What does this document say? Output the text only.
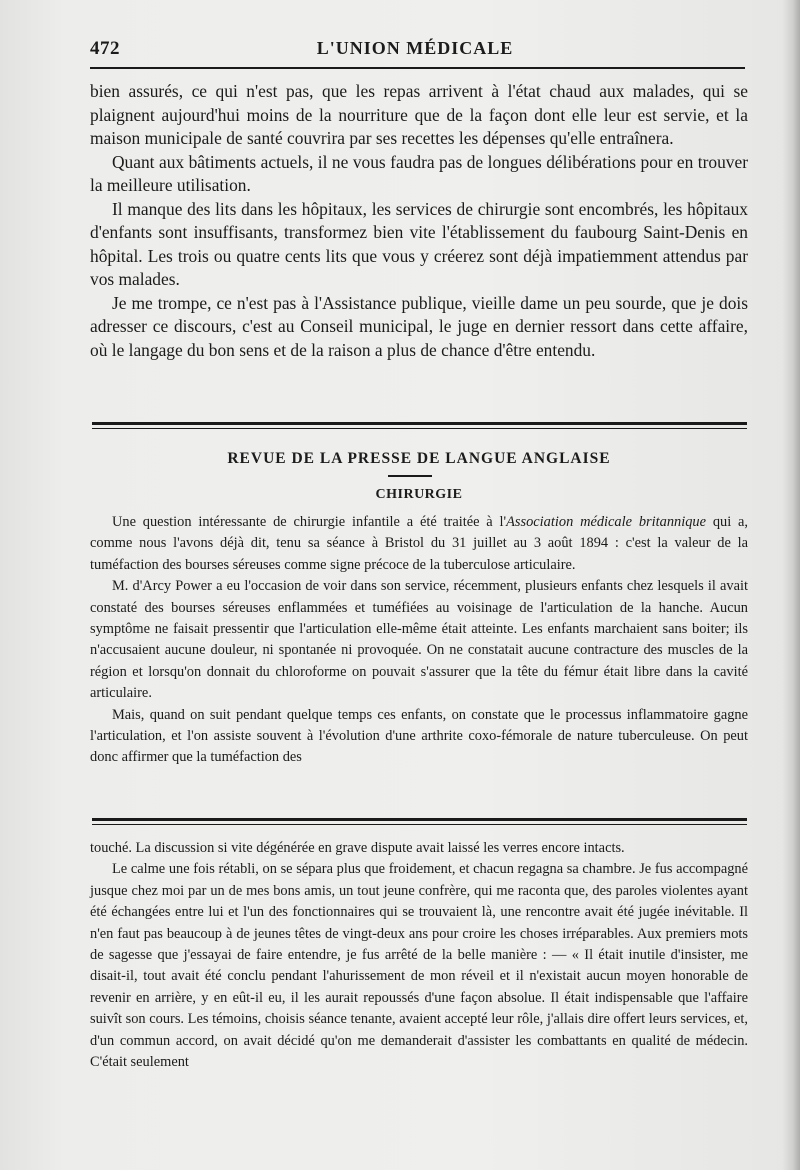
472	L'UNION MÉDICALE

bien assurés, ce qui n'est pas, que les repas arrivent à l'état chaud aux malades, qui se plaignent aujourd'hui moins de la nourriture que de la façon dont elle leur est servie, et la maison municipale de santé couvrira par ses recettes les dépenses qu'elle entraînera.

Quant aux bâtiments actuels, il ne vous faudra pas de longues délibérations pour en trouver la meilleure utilisation.

Il manque des lits dans les hôpitaux, les services de chirurgie sont encombrés, les hôpitaux d'enfants sont insuffisants, transformez bien vite l'établissement du faubourg Saint-Denis en hôpital. Les trois ou quatre cents lits que vous y créerez sont déjà impatiemment attendus par vos malades.

Je me trompe, ce n'est pas à l'Assistance publique, vieille dame un peu sourde, que je dois adresser ce discours, c'est au Conseil municipal, le juge en dernier ressort dans cette affaire, où le langage du bon sens et de la raison a plus de chance d'être entendu.

REVUE DE LA PRESSE DE LANGUE ANGLAISE
CHIRURGIE

Une question intéressante de chirurgie infantile a été traitée à l'Association médicale britannique qui a, comme nous l'avons déjà dit, tenu sa séance à Bristol du 31 juillet au 3 août 1894 : c'est la valeur de la tuméfaction des bourses séreuses comme signe précoce de la tuberculose articulaire.

M. d'Arcy Power a eu l'occasion de voir dans son service, récemment, plusieurs enfants chez lesquels il avait constaté des bourses séreuses enflammées et tuméfiées au voisinage de l'articulation de la hanche. Aucun symptôme ne faisait pressentir que l'articulation elle-même était atteinte. Les enfants marchaient sans boiter; ils n'accusaient aucune douleur, ni spontanée ni provoquée. On ne constatait aucune contracture des muscles de la région et lorsqu'on donnait du chloroforme on pouvait s'assurer que la tête du fémur était libre dans la cavité articulaire.

Mais, quand on suit pendant quelque temps ces enfants, on constate que le processus inflammatoire gagne l'articulation, et l'on assiste souvent à l'évolution d'une arthrite coxo-fémorale de nature tuberculeuse. On peut donc affirmer que la tuméfaction des

touché. La discussion si vite dégénérée en grave dispute avait laissé les verres encore intacts.

Le calme une fois rétabli, on se sépara plus que froidement, et chacun regagna sa chambre. Je fus accompagné jusque chez moi par un de mes bons amis, un tout jeune confrère, qui me raconta que, des paroles violentes ayant été échangées entre lui et l'un des fonctionnaires qui se trouvaient là, une rencontre avait été jugée inévitable. Il n'en faut pas beaucoup à de jeunes têtes de vingt-deux ans pour croire les choses irréparables. Aux premiers mots de sagesse que j'essayai de faire entendre, je fus arrêté de la belle manière : — « Il était inutile d'insister, me disait-il, tout avait été conclu pendant l'ahurissement de mon réveil et il n'existait aucun moyen honorable de revenir en arrière, y en eût-il eu, il les aurait repoussés d'une façon absolue. Il était indispensable que l'affaire suivît son cours. Les témoins, choisis séance tenante, avaient accepté leur rôle, j'allais dire offert leurs services, et, d'un commun accord, on avait décidé qu'on me demanderait d'assister les combattants en qualité de médecin. C'était seulement
